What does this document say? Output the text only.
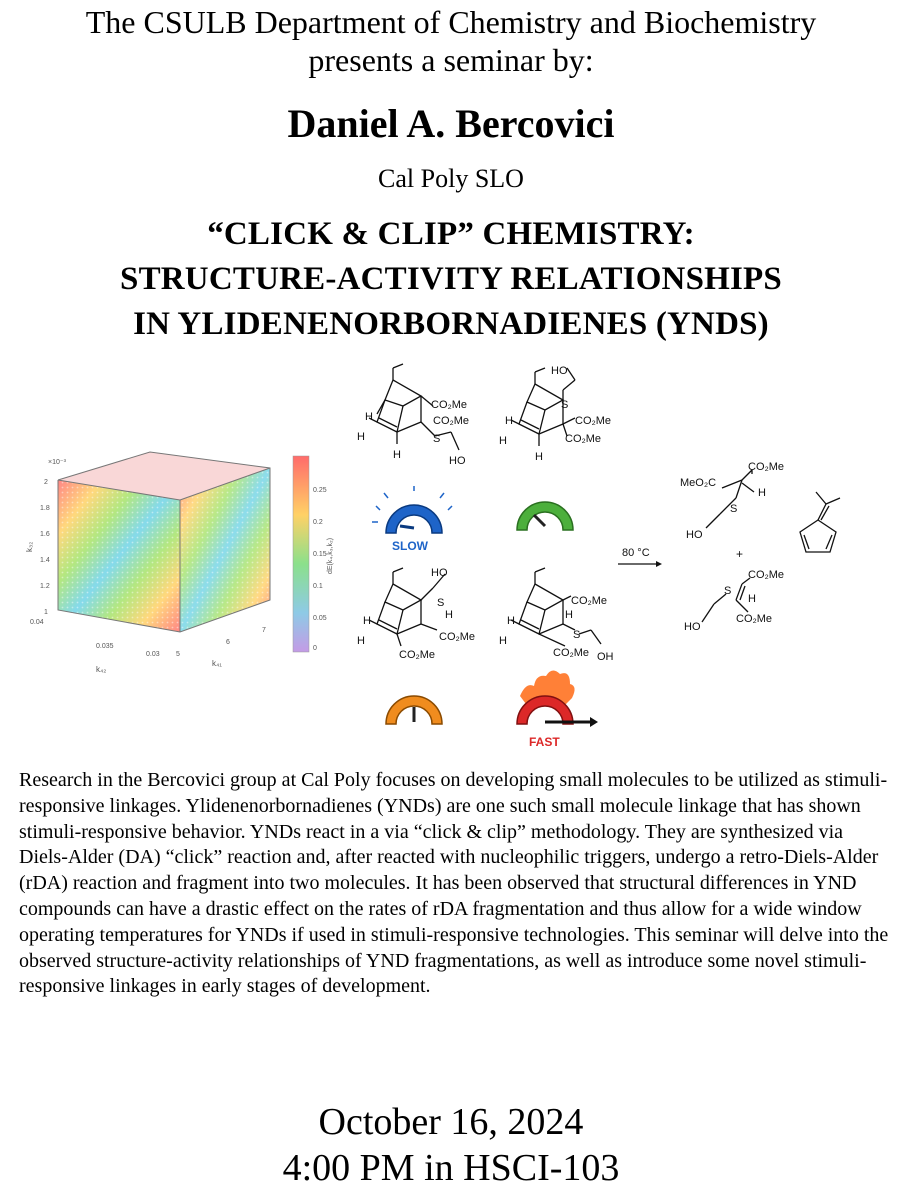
The CSULB Department of Chemistry and Biochemistry
presents a seminar by:
Daniel A. Bercovici
Cal Poly SLO
“CLICK & CLIP” CHEMISTRY:
STRUCTURE-ACTIVITY RELATIONSHIPS
IN YLIDENENORBORNADIENES (YNDS)
×10⁻³
2
1.8
1.6
1.4
1.2
1
0.04
k₃₂
0.035
0.03
k₄₂
5
6
7
k₄₁
0.25
0.2
0.15
0.1
0.05
0
dE(k₄,k₃,k₂)
CO₂Me
CO₂Me
H
H
H
S
HO
HO
S
CO₂Me
CO₂Me
H
H
H
HO
S
H
CO₂Me
CO₂Me
H
H
CO₂Me
H
S
CO₂Me OH
H
H
SLOW
FAST
80 °C
CO₂Me
MeO₂C
H
S
HO
+
CO₂Me
S
H
CO₂Me
HO

Research in the Bercovici group at Cal Poly focuses on developing small molecules to be utilized as stimuli-responsive linkages. Ylidenenorbornadienes (YNDs) are one such small molecule linkage that has shown stimuli-responsive behavior. YNDs react in a via “click & clip” methodology. They are synthesized via Diels-Alder (DA) “click” reaction and, after reacted with nucleophilic triggers, undergo a retro-Diels-Alder (rDA) reaction and fragment into two molecules. It has been observed that structural differences in YND compounds can have a drastic effect on the rates of rDA fragmentation and thus allow for a wide window operating temperatures for YNDs if used in stimuli-responsive technologies. This seminar will delve into the observed structure-activity relationships of YND fragmentations, as well as introduce some novel stimuli-responsive linkages in early stages of development.

October 16, 2024
4:00 PM in HSCI-103
